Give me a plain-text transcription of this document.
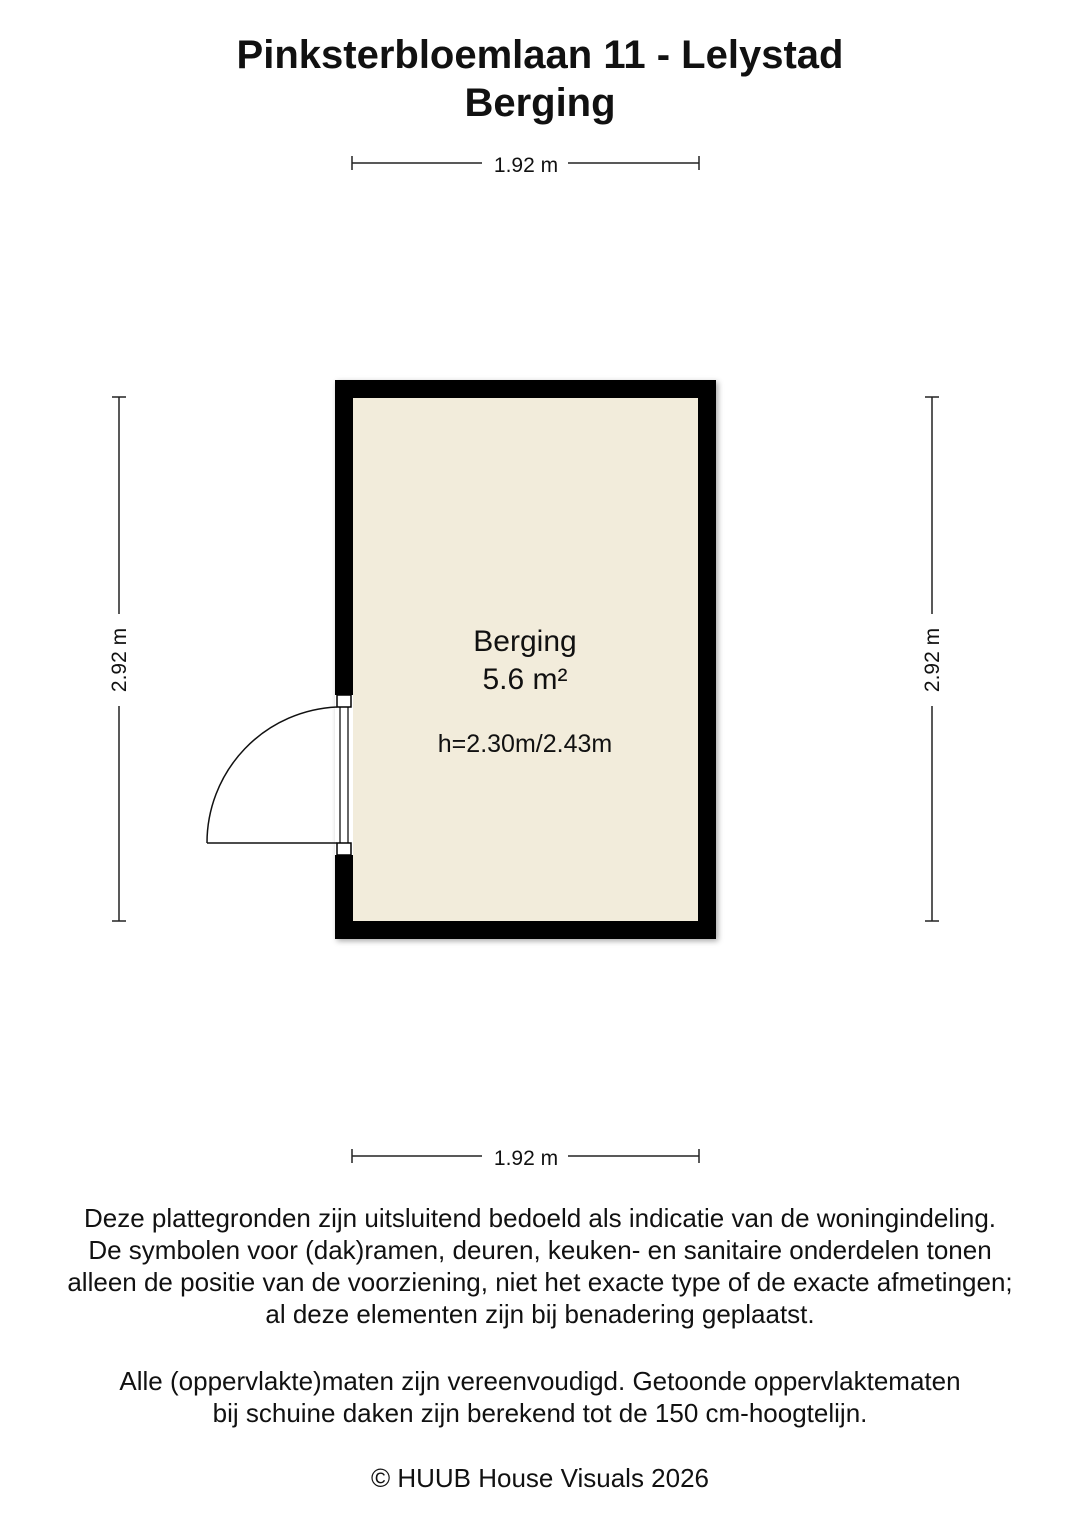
Pinksterbloemlaan 11 - Lelystad
Berging
1.92 m
1.92 m
2.92 m	2.92 m
Berging
5.6 m²
h=2.30m/2.43m
Deze plattegronden zijn uitsluitend bedoeld als indicatie van de woningindeling.
De symbolen voor (dak)ramen, deuren, keuken- en sanitaire onderdelen tonen
alleen de positie van de voorziening, niet het exacte type of de exacte afmetingen;
al deze elementen zijn bij benadering geplaatst.
Alle (oppervlakte)maten zijn vereenvoudigd. Getoonde oppervlaktematen
bij schuine daken zijn berekend tot de 150 cm-hoogtelijn.
© HUUB House Visuals 2026
